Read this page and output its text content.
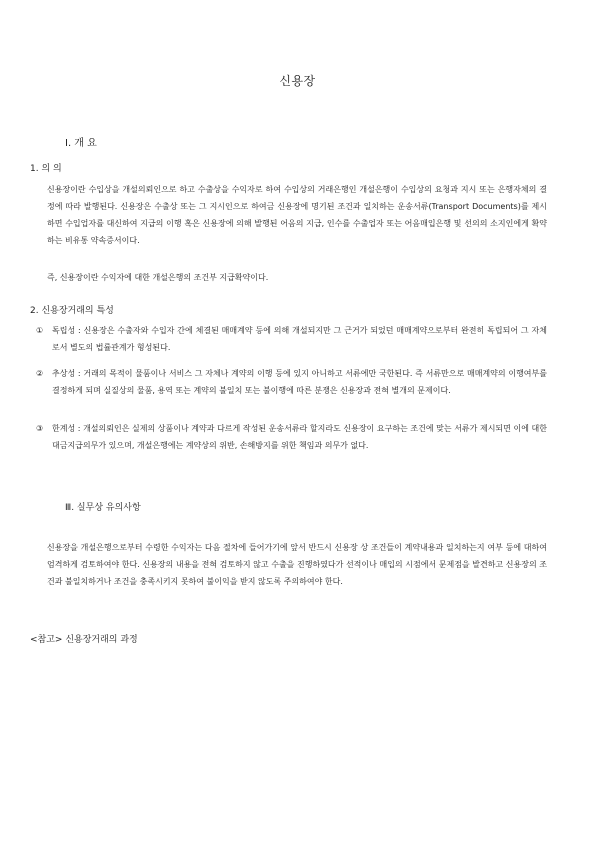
신용장
Ⅰ. 개 요
1. 의 의
신용장이란 수입상을 개설의뢰인으로 하고 수출상을 수익자로 하여 수입상의 거래은행인 개설은행이 수입상의 요청과 지시 또는 은행자체의 결정에 따라 발행된다. 신용장은 수출상 또는 그 지시인으로 하여금 신용장에 명기된 조건과 일치하는 운송서류(Transport Documents)를 제시하면 수입업자를 대신하여 지급의 이행 혹은 신용장에 의해 발행된 어음의 지급, 인수를 수출업자 또는 어음매입은행 및 선의의 소지인에게 확약하는 비유통 약속증서이다.
즉, 신용장이란 수익자에 대한 개설은행의 조건부 지급확약이다.
2. 신용장거래의 특성
①	독립성 : 신용장은 수출자와 수입자 간에 체결된 매매계약 등에 의해 개설되지만 그 근거가 되었던 매매계약으로부터 완전히 독립되어 그 자체로서 별도의 법률관계가 형성된다.
②	추상성 : 거래의 목적이 물품이나 서비스 그 자체나 계약의 이행 등에 있지 아니하고 서류에만 국한된다. 즉 서류만으로 매매계약의 이행여부를 결정하게 되며 실질상의 물품, 용역 또는 계약의 불일치 또는 불이행에 따른 분쟁은 신용장과 전혀 별개의 문제이다.
③	한계성 : 개설의뢰인은 실제의 상품이나 계약과 다르게 작성된 운송서류라 할지라도 신용장이 요구하는 조건에 맞는 서류가 제시되면 이에 대한 대금지급의무가 있으며, 개설은행에는 계약상의 위반, 손해방지를 위한 책임과 의무가 없다.
Ⅲ. 실무상 유의사항
신용장을 개설은행으로부터 수령한 수익자는 다음 절차에 들어가기에 앞서 반드시 신용장 상 조건들이 계약내용과 일치하는지 여부 등에 대하여 엄격하게 검토하여야 한다. 신용장의 내용을 전혀 검토하지 않고 수출을 진행하였다가 선적이나 매입의 시점에서 문제점을 발견하고 신용장의 조건과 불일치하거나 조건을 충족시키지 못하여 불이익을 받지 않도록 주의하여야 한다.
<참고> 신용장거래의 과정
